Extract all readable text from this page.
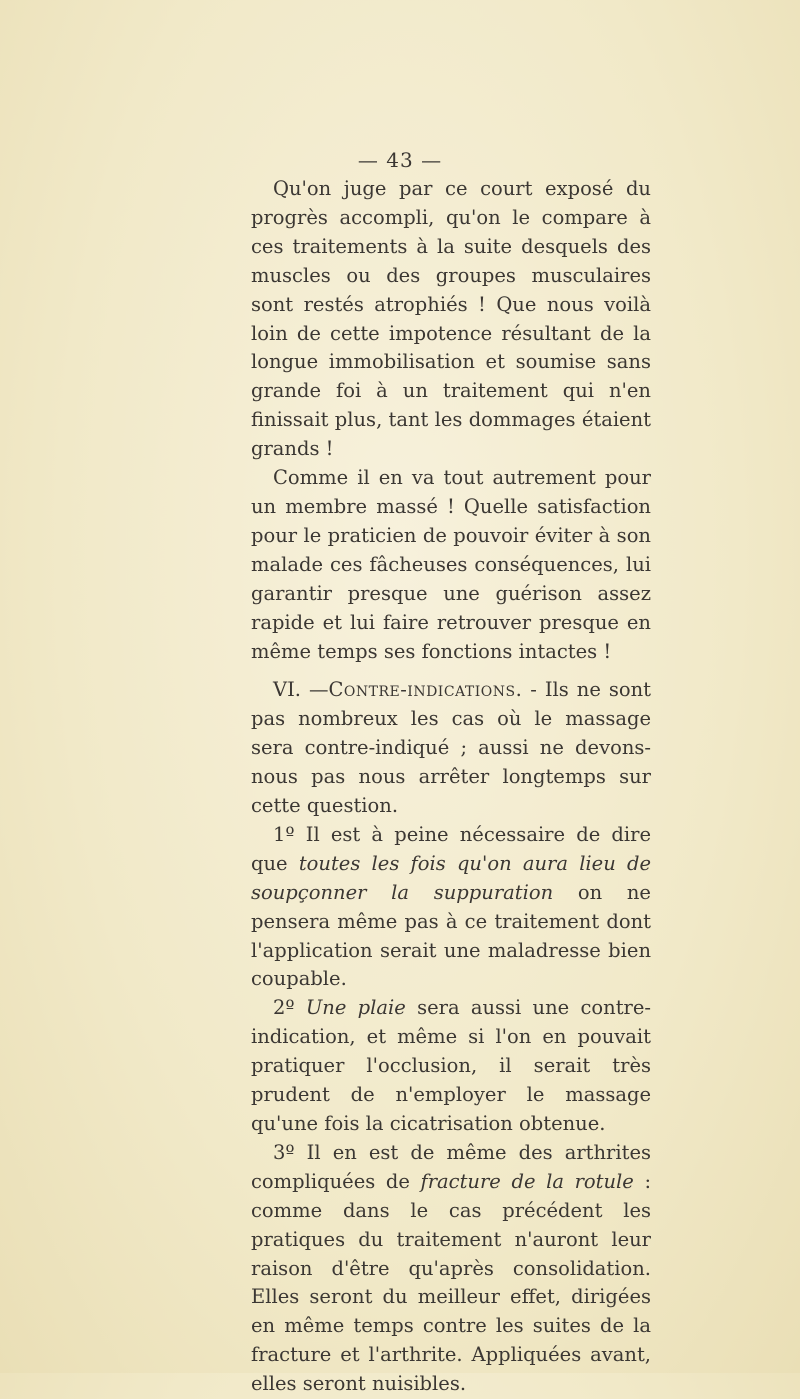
— 43 —

Qu'on juge par ce court exposé du progrès accompli, qu'on le compare à ces traitements à la suite desquels des muscles ou des groupes musculaires sont restés atrophiés ! Que nous voilà loin de cette impotence résultant de la longue immobilisation et soumise sans grande foi à un traitement qui n'en finissait plus, tant les dommages étaient grands !

Comme il en va tout autrement pour un membre massé ! Quelle satisfaction pour le praticien de pouvoir éviter à son malade ces fâcheuses conséquences, lui garantir presque une guérison assez rapide et lui faire retrouver presque en même temps ses fonctions intactes !

VI. —Contre-indications. - Ils ne sont pas nombreux les cas où le massage sera contre-indiqué ; aussi ne devons-nous pas nous arrêter longtemps sur cette question.

1º Il est à peine nécessaire de dire que toutes les fois qu'on aura lieu de soupçonner la suppuration on ne pensera même pas à ce traitement dont l'application serait une maladresse bien coupable.

2º Une plaie sera aussi une contre-indication, et même si l'on en pouvait pratiquer l'occlusion, il serait très prudent de n'employer le massage qu'une fois la cicatrisation obtenue.

3º Il en est de même des arthrites compliquées de fracture de la rotule : comme dans le cas précédent les pratiques du traitement n'auront leur raison d'être qu'après consolidation. Elles seront du meilleur effet, dirigées en même temps contre les suites de la fracture et l'arthrite. Appliquées avant, elles seront nuisibles.
